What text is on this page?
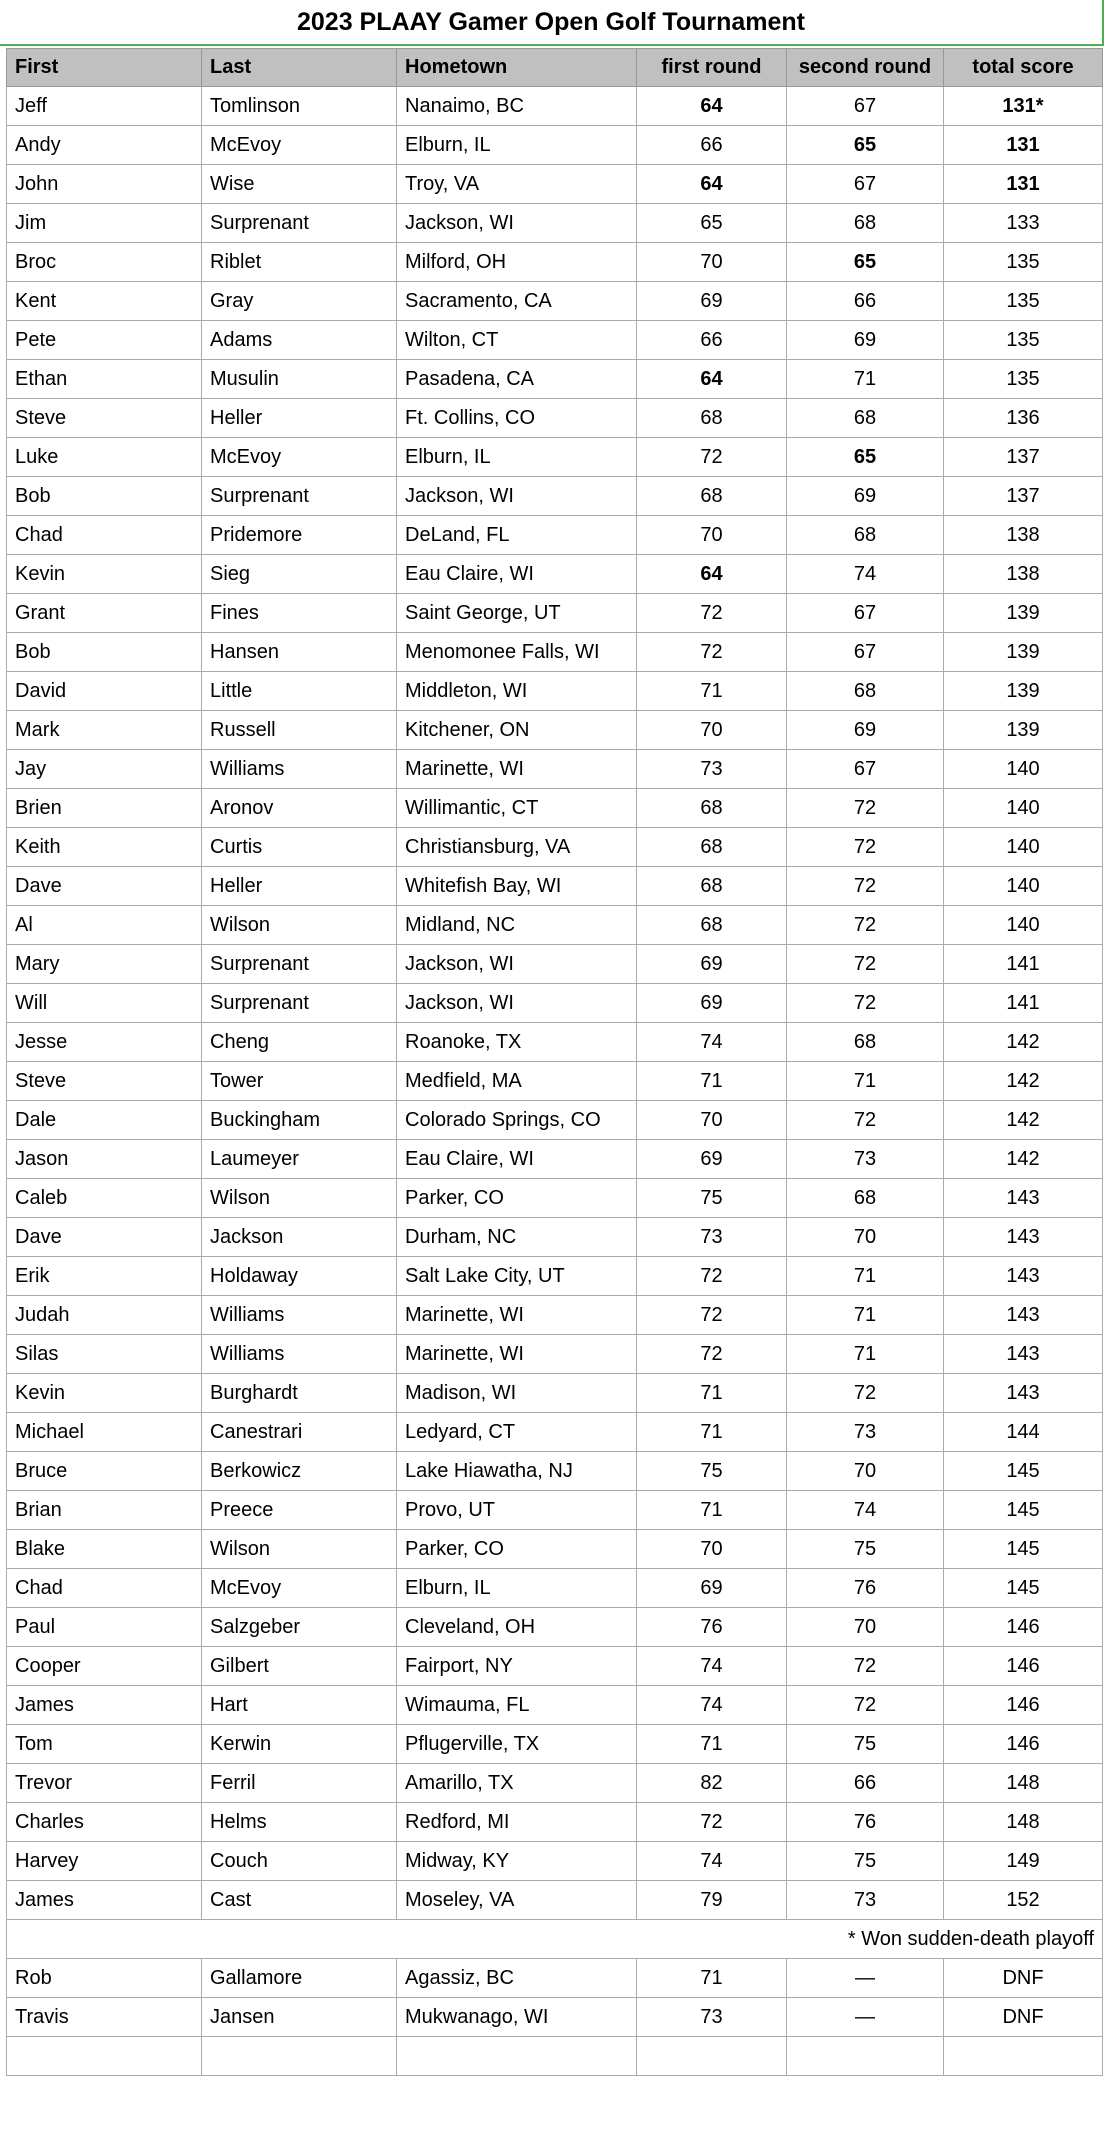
2023 PLAAY Gamer Open Golf Tournament
First	Last	Hometown	first round	second round	total score
Jeff	Tomlinson	Nanaimo, BC	64	67	131*
Andy	McEvoy	Elburn, IL	66	65	131
John	Wise	Troy, VA	64	67	131
Jim	Surprenant	Jackson, WI	65	68	133
Broc	Riblet	Milford, OH	70	65	135
Kent	Gray	Sacramento, CA	69	66	135
Pete	Adams	Wilton, CT	66	69	135
Ethan	Musulin	Pasadena, CA	64	71	135
Steve	Heller	Ft. Collins, CO	68	68	136
Luke	McEvoy	Elburn, IL	72	65	137
Bob	Surprenant	Jackson, WI	68	69	137
Chad	Pridemore	DeLand, FL	70	68	138
Kevin	Sieg	Eau Claire, WI	64	74	138
Grant	Fines	Saint George, UT	72	67	139
Bob	Hansen	Menomonee Falls, WI	72	67	139
David	Little	Middleton, WI	71	68	139
Mark	Russell	Kitchener, ON	70	69	139
Jay	Williams	Marinette, WI	73	67	140
Brien	Aronov	Willimantic, CT	68	72	140
Keith	Curtis	Christiansburg, VA	68	72	140
Dave	Heller	Whitefish Bay, WI	68	72	140
Al	Wilson	Midland, NC	68	72	140
Mary	Surprenant	Jackson, WI	69	72	141
Will	Surprenant	Jackson, WI	69	72	141
Jesse	Cheng	Roanoke, TX	74	68	142
Steve	Tower	Medfield, MA	71	71	142
Dale	Buckingham	Colorado Springs, CO	70	72	142
Jason	Laumeyer	Eau Claire, WI	69	73	142
Caleb	Wilson	Parker, CO	75	68	143
Dave	Jackson	Durham, NC	73	70	143
Erik	Holdaway	Salt Lake City, UT	72	71	143
Judah	Williams	Marinette, WI	72	71	143
Silas	Williams	Marinette, WI	72	71	143
Kevin	Burghardt	Madison, WI	71	72	143
Michael	Canestrari	Ledyard, CT	71	73	144
Bruce	Berkowicz	Lake Hiawatha, NJ	75	70	145
Brian	Preece	Provo, UT	71	74	145
Blake	Wilson	Parker, CO	70	75	145
Chad	McEvoy	Elburn, IL	69	76	145
Paul	Salzgeber	Cleveland, OH	76	70	146
Cooper	Gilbert	Fairport, NY	74	72	146
James	Hart	Wimauma, FL	74	72	146
Tom	Kerwin	Pflugerville, TX	71	75	146
Trevor	Ferril	Amarillo, TX	82	66	148
Charles	Helms	Redford, MI	72	76	148
Harvey	Couch	Midway, KY	74	75	149
James	Cast	Moseley, VA	79	73	152
* Won sudden-death playoff					
Rob	Gallamore	Agassiz, BC	71	—	DNF
Travis	Jansen	Mukwanago, WI	73	—	DNF
